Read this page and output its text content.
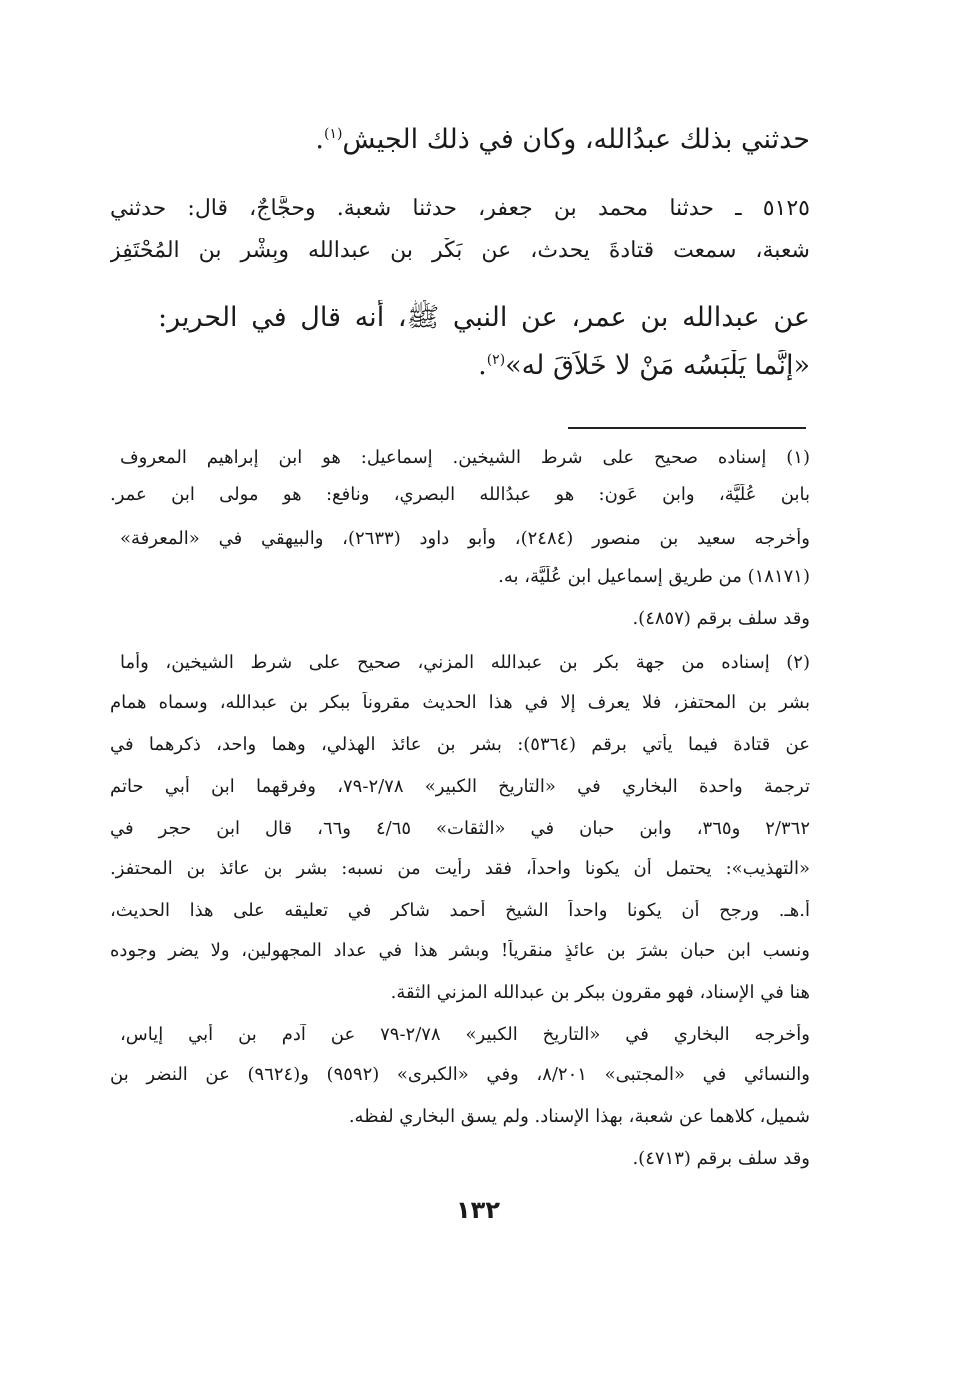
حدثني بذلك عبدُالله، وكان في ذلك الجيش$^{(١)}$.
٥١٢٥ ـ حدثنا محمد بن جعفر، حدثنا شعبة. وحجَّاجٌ، قال: حدثني
شعبة، سمعت قتادةَ يحدث، عن بَكْر بن عبدالله وبِشْر بن المُحْتَفِز
عن عبدالله بن عمر، عن النبي ﷺ، أنه قال في الحرير:
«إنَّما يَلْبَسُه مَنْ لا خَلاَقَ له»$^{(٢)}$.
(١) إسناده صحيح على شرط الشيخين. إسماعيل: هو ابن إبراهيم المعروف
بابن عُلَيَّة، وابن عَون: هو عبدُالله البصري، ونافع: هو مولى ابن عمر.
وأخرجه سعيد بن منصور (٢٤٨٤)، وأبو داود (٢٦٣٣)، والبيهقي في «المعرفة»
(١٨١٧١) من طريق إسماعيل ابن عُلَيَّة، به.
وقد سلف برقم (٤٨٥٧).
(٢) إسناده من جهة بكر بن عبدالله المزني، صحيح على شرط الشيخين، وأما
بشر بن المحتفز، فلا يعرف إلا في هذا الحديث مقروناً ببكر بن عبدالله، وسماه همام
عن قتادة فيما يأتي برقم (٥٣٦٤): بشر بن عائذ الهذلي، وهما واحد، ذكرهما في
ترجمة واحدة البخاري في «التاريخ الكبير» ٢/٧٨-٧٩، وفرقهما ابن أبي حاتم
٢/٣٦٢ و٣٦٥، وابن حبان في «الثقات» ٤/٦٥ و٦٦، قال ابن حجر في
«التهذيب»: يحتمل أن يكونا واحداً، فقد رأيت من نسبه: بشر بن عائذ بن المحتفز.
أ.هـ. ورجح أن يكونا واحداً الشيخ أحمد شاكر في تعليقه على هذا الحديث،
ونسب ابن حبان بشرَ بن عائذٍ منقرياً! وبشر هذا في عداد المجهولين، ولا يضر وجوده
هنا في الإسناد، فهو مقرون ببكر بن عبدالله المزني الثقة.
وأخرجه البخاري في «التاريخ الكبير» ٢/٧٨-٧٩ عن آدم بن أبي إياس،
والنسائي في «المجتبى» ٨/٢٠١، وفي «الكبرى» (٩٥٩٢) و(٩٦٢٤) عن النضر بن
شميل، كلاهما عن شعبة، بهذا الإسناد. ولم يسق البخاري لفظه.
وقد سلف برقم (٤٧١٣).
١٣٢
